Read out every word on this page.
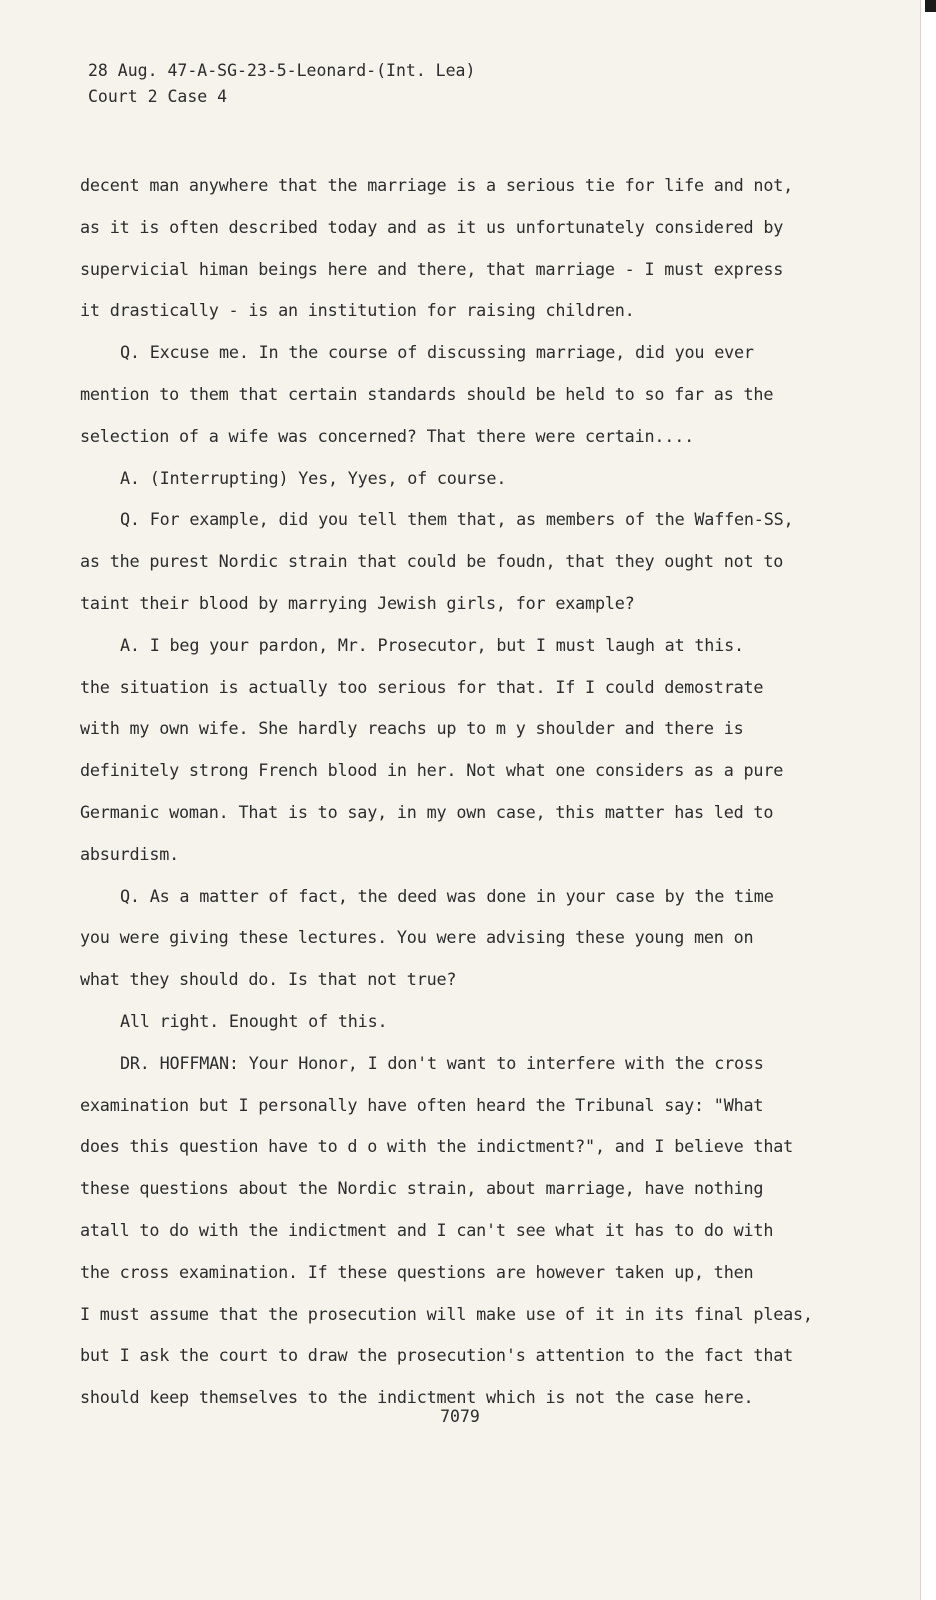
28 Aug. 47-A-SG-23-5-Leonard-(Int. Lea)
Court 2 Case 4
decent man anywhere that the marriage is a serious tie for life and not,
as it is often described today and as it us unfortunately considered by
supervicial himan beings here and there, that marriage - I must express
it drastically - is an institution for raising children.
Q. Excuse me. In the course of discussing marriage, did you ever
mention to them that certain standards should be held to so far as the
selection of a wife was concerned? That there were certain....
A. (Interrupting) Yes, Yyes, of course.
Q. For example, did you tell them that, as members of the Waffen-SS,
as the purest Nordic strain that could be foudn, that they ought not to
taint their blood by marrying Jewish girls, for example?
A. I beg your pardon, Mr. Prosecutor, but I must laugh at this.
the situation is actually too serious for that. If I could demostrate
with my own wife. She hardly reachs up to m y shoulder and there is
definitely strong French blood in her. Not what one considers as a pure
Germanic woman. That is to say, in my own case, this matter has led to
absurdism.
Q. As a matter of fact, the deed was done in your case by the time
you were giving these lectures. You were advising these young men on
what they should do. Is that not true?
All right. Enought of this.
DR. HOFFMAN: Your Honor, I don't want to interfere with the cross
examination but I personally have often heard the Tribunal say: "What
does this question have to d o with the indictment?", and I believe that
these questions about the Nordic strain, about marriage, have nothing
atall to do with the indictment and I can't see what it has to do with
the cross examination. If these questions are however taken up, then
I must assume that the prosecution will make use of it in its final pleas,
but I ask the court to draw the prosecution's attention to the fact that
should keep themselves to the indictment which is not the case here.
7079
